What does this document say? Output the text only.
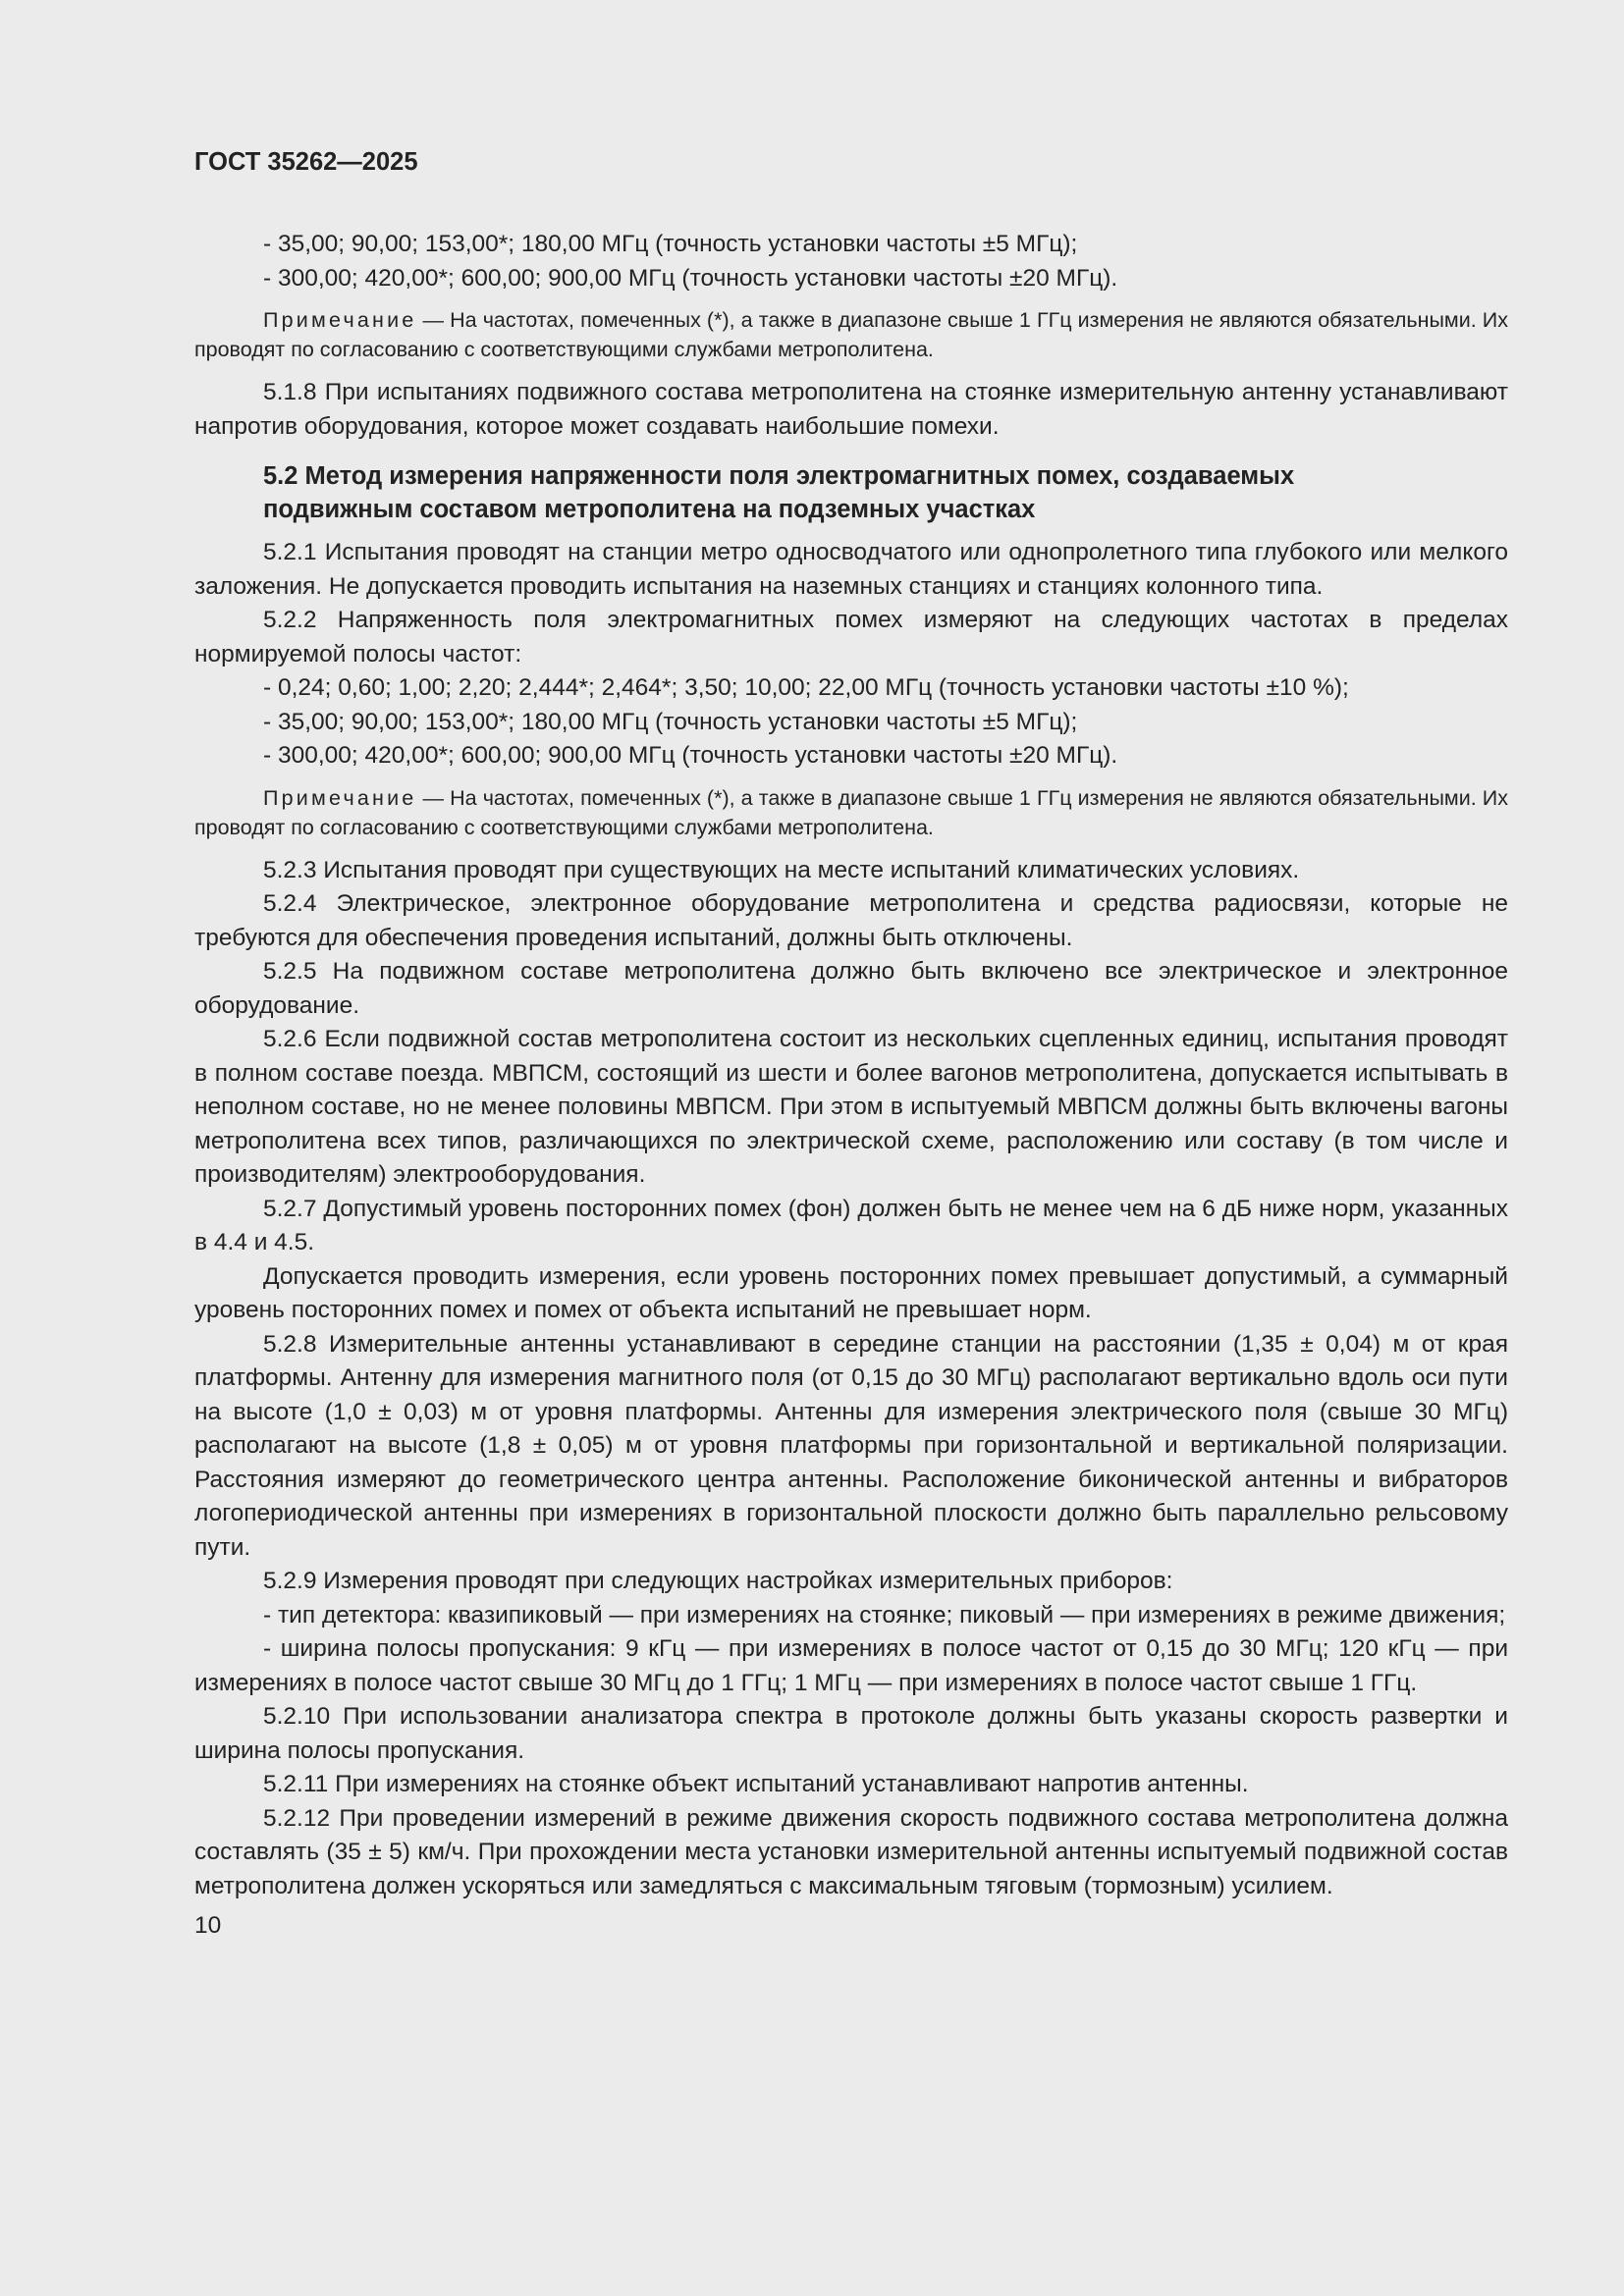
ГОСТ 35262—2025
- 35,00; 90,00; 153,00*; 180,00 МГц (точность установки частоты ±5 МГц);
- 300,00; 420,00*; 600,00; 900,00 МГц (точность установки частоты ±20 МГц).
Примечание — На частотах, помеченных (*), а также в диапазоне свыше 1 ГГц измерения не являются обязательными. Их проводят по согласованию с соответствующими службами метрополитена.
5.1.8 При испытаниях подвижного состава метрополитена на стоянке измерительную антенну устанавливают напротив оборудования, которое может создавать наибольшие помехи.
5.2 Метод измерения напряженности поля электромагнитных помех, создаваемых
подвижным составом метрополитена на подземных участках
5.2.1 Испытания проводят на станции метро односводчатого или однопролетного типа глубокого или мелкого заложения. Не допускается проводить испытания на наземных станциях и станциях колонного типа.
5.2.2 Напряженность поля электромагнитных помех измеряют на следующих частотах в пределах нормируемой полосы частот:
- 0,24; 0,60; 1,00; 2,20; 2,444*; 2,464*; 3,50; 10,00; 22,00 МГц (точность установки частоты ±10 %);
- 35,00; 90,00; 153,00*; 180,00 МГц (точность установки частоты ±5 МГц);
- 300,00; 420,00*; 600,00; 900,00 МГц (точность установки частоты ±20 МГц).
Примечание — На частотах, помеченных (*), а также в диапазоне свыше 1 ГГц измерения не являются обязательными. Их проводят по согласованию с соответствующими службами метрополитена.
5.2.3 Испытания проводят при существующих на месте испытаний климатических условиях.
5.2.4 Электрическое, электронное оборудование метрополитена и средства радиосвязи, которые не требуются для обеспечения проведения испытаний, должны быть отключены.
5.2.5 На подвижном составе метрополитена должно быть включено все электрическое и электронное оборудование.
5.2.6 Если подвижной состав метрополитена состоит из нескольких сцепленных единиц, испытания проводят в полном составе поезда. МВПСМ, состоящий из шести и более вагонов метрополитена, допускается испытывать в неполном составе, но не менее половины МВПСМ. При этом в испытуемый МВПСМ должны быть включены вагоны метрополитена всех типов, различающихся по электрической схеме, расположению или составу (в том числе и производителям) электрооборудования.
5.2.7 Допустимый уровень посторонних помех (фон) должен быть не менее чем на 6 дБ ниже норм, указанных в 4.4 и 4.5.
Допускается проводить измерения, если уровень посторонних помех превышает допустимый, а суммарный уровень посторонних помех и помех от объекта испытаний не превышает норм.
5.2.8 Измерительные антенны устанавливают в середине станции на расстоянии (1,35 ± 0,04) м от края платформы. Антенну для измерения магнитного поля (от 0,15 до 30 МГц) располагают вертикально вдоль оси пути на высоте (1,0 ± 0,03) м от уровня платформы. Антенны для измерения электрического поля (свыше 30 МГц) располагают на высоте (1,8 ± 0,05) м от уровня платформы при горизонтальной и вертикальной поляризации. Расстояния измеряют до геометрического центра антенны. Расположение биконической антенны и вибраторов логопериодической антенны при измерениях в горизонтальной плоскости должно быть параллельно рельсовому пути.
5.2.9 Измерения проводят при следующих настройках измерительных приборов:
- тип детектора: квазипиковый — при измерениях на стоянке; пиковый — при измерениях в режиме движения;
- ширина полосы пропускания: 9 кГц — при измерениях в полосе частот от 0,15 до 30 МГц; 120 кГц — при измерениях в полосе частот свыше 30 МГц до 1 ГГц; 1 МГц — при измерениях в полосе частот свыше 1 ГГц.
5.2.10 При использовании анализатора спектра в протоколе должны быть указаны скорость развертки и ширина полосы пропускания.
5.2.11 При измерениях на стоянке объект испытаний устанавливают напротив антенны.
5.2.12 При проведении измерений в режиме движения скорость подвижного состава метрополитена должна составлять (35 ± 5) км/ч. При прохождении места установки измерительной антенны испытуемый подвижной состав метрополитена должен ускоряться или замедляться с максимальным тяговым (тормозным) усилием.
10
